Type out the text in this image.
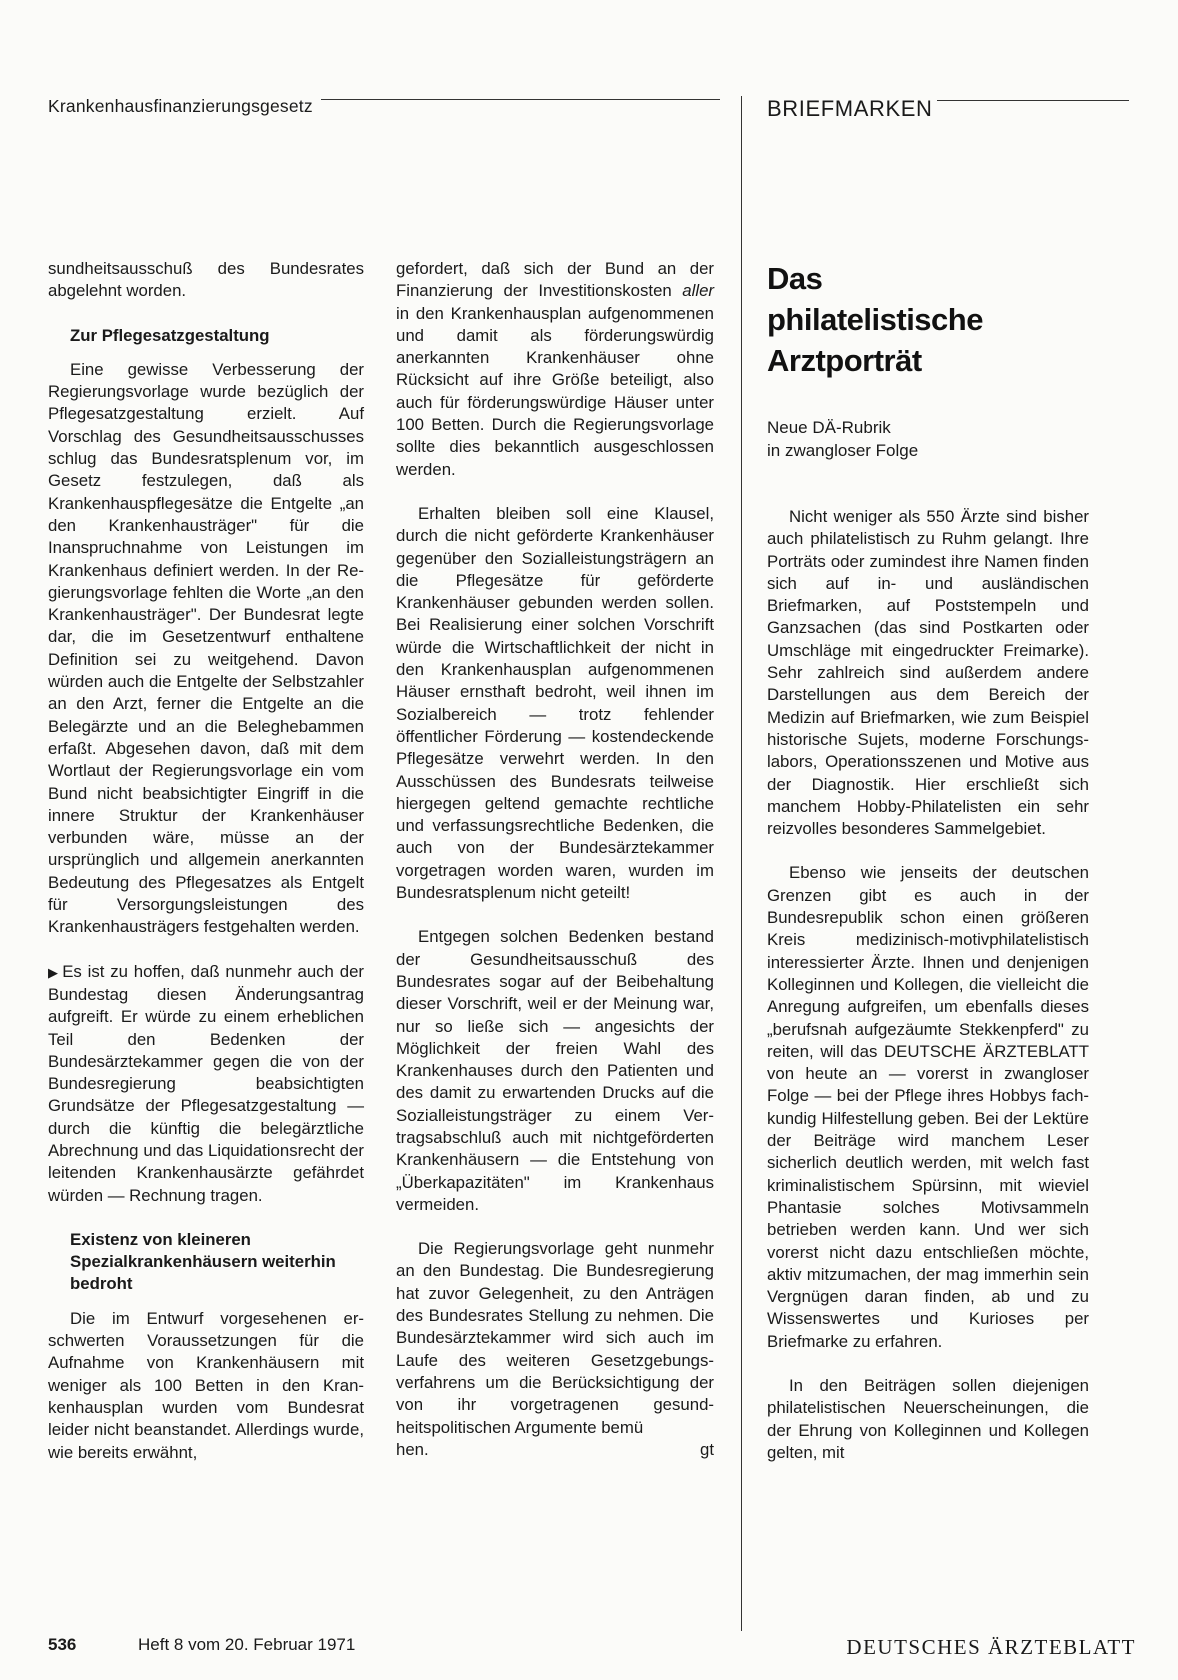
Krankenhausfinanzierungsgesetz	BRIEFMARKEN

sundheitsausschuß des Bundesrates abgelehnt worden.

Zur Pflegesatzgestaltung

Eine gewisse Verbesserung der Regierungsvorlage wurde bezüglich der Pflegesatzgestaltung erzielt. Auf Vorschlag des Gesundheitsausschusses schlug das Bundesratsplenum vor, im Gesetz festzulegen, daß als Krankenhauspflegesätze die Entgelte „an den Krankenhausträger" für die Inanspruchnahme von Leistungen im Krankenhaus definiert werden. In der Regierungsvorlage fehlten die Worte „an den Krankenhausträger". Der Bundesrat legte dar, die im Gesetzentwurf enthaltene Definition sei zu weitgehend. Davon würden auch die Entgelte der Selbstzahler an den Arzt, ferner die Entgelte an die Belegärzte und an die Beleghebammen erfaßt. Abgesehen davon, daß mit dem Wortlaut der Regierungsvorlage ein vom Bund nicht beabsichtigter Eingriff in die innere Struktur der Krankenhäuser verbunden wäre, müsse an der ursprünglich und allgemein anerkannten Bedeutung des Pflegesatzes als Entgelt für Versorgungsleistungen des Krankenhausträgers festgehalten werden.

▶ Es ist zu hoffen, daß nunmehr auch der Bundestag diesen Änderungsantrag aufgreift. Er würde zu einem erheblichen Teil den Bedenken der Bundesärztekammer gegen die von der Bundesregierung beabsichtigten Grundsätze der Pflegesatzgestaltung — durch die künftig die belegärztliche Abrechnung und das Liquidationsrecht der leitenden Krankenhausärzte gefährdet würden — Rechnung tragen.

Existenz von kleineren Spezialkrankenhäusern weiterhin bedroht

Die im Entwurf vorgesehenen erschwerten Voraussetzungen für die Aufnahme von Krankenhäusern mit weniger als 100 Betten in den Krankenhausplan wurden vom Bundesrat leider nicht beanstandet. Allerdings wurde, wie bereits erwähnt,

gefordert, daß sich der Bund an der Finanzierung der Investitionskosten aller in den Krankenhausplan aufgenommenen und damit als förderungswürdig anerkannten Krankenhäuser ohne Rücksicht auf ihre Größe beteiligt, also auch für förderungswürdige Häuser unter 100 Betten. Durch die Regierungsvorlage sollte dies bekanntlich ausgeschlossen werden.

Erhalten bleiben soll eine Klausel, durch die nicht geförderte Krankenhäuser gegenüber den Sozialleistungsträgern an die Pflegesätze für geförderte Krankenhäuser gebunden werden sollen. Bei Realisierung einer solchen Vorschrift würde die Wirtschaftlichkeit der nicht in den Krankenhausplan aufgenommenen Häuser ernsthaft bedroht, weil ihnen im Sozialbereich — trotz fehlender öffentlicher Förderung — kostendeckende Pflegesätze verwehrt werden. In den Ausschüssen des Bundesrats teilweise hiergegen geltend gemachte rechtliche und verfassungsrechtliche Bedenken, die auch von der Bundesärztekammer vorgetragen worden waren, wurden im Bundesratsplenum nicht geteilt!

Entgegen solchen Bedenken bestand der Gesundheitsausschuß des Bundesrates sogar auf der Beibehaltung dieser Vorschrift, weil er der Meinung war, nur so ließe sich — angesichts der Möglichkeit der freien Wahl des Krankenhauses durch den Patienten und des damit zu erwartenden Drucks auf die Sozialleistungsträger zu einem Vertragsabschluß auch mit nichtgeförderten Krankenhäusern — die Entstehung von „Überkapazitäten" im Krankenhaus vermeiden.

Die Regierungsvorlage geht nunmehr an den Bundestag. Die Bundesregierung hat zuvor Gelegenheit, zu den Anträgen des Bundesrates Stellung zu nehmen. Die Bundesärztekammer wird sich auch im Laufe des weiteren Gesetzgebungsverfahrens um die Berücksichtigung der von ihr vorgetragenen gesundheitspolitischen Argumente bemü

hen.	gt
Das
philatelistische
Arztporträt
Neue DÄ-Rubrik
in zwangloser Folge

Nicht weniger als 550 Ärzte sind bisher auch philatelistisch zu Ruhm gelangt. Ihre Porträts oder zumindest ihre Namen finden sich auf in- und ausländischen Briefmarken, auf Poststempeln und Ganzsachen (das sind Postkarten oder Umschläge mit eingedruckter Freimarke). Sehr zahlreich sind außerdem andere Darstellungen aus dem Bereich der Medizin auf Briefmarken, wie zum Beispiel historische Sujets, moderne Forschungslabors, Operationsszenen und Motive aus der Diagnostik. Hier erschließt sich manchem Hobby-Philatelisten ein sehr reizvolles besonderes Sammelgebiet.

Ebenso wie jenseits der deutschen Grenzen gibt es auch in der Bundesrepublik schon einen größeren Kreis medizinisch-motivphilatelistisch interessierter Ärzte. Ihnen und denjenigen Kolleginnen und Kollegen, die vielleicht die Anregung aufgreifen, um ebenfalls dieses „berufsnah aufgezäumte Stekkenpferd" zu reiten, will das DEUTSCHE ÄRZTEBLATT von heute an — vorerst in zwangloser Folge — bei der Pflege ihres Hobbys fachkundig Hilfestellung geben. Bei der Lektüre der Beiträge wird manchem Leser sicherlich deutlich werden, mit welch fast kriminalistischem Spürsinn, mit wieviel Phantasie solches Motivsammeln betrieben werden kann. Und wer sich vorerst nicht dazu entschließen möchte, aktiv mitzumachen, der mag immerhin sein Vergnügen daran finden, ab und zu Wissenswertes und Kurioses per Briefmarke zu erfahren.

In den Beiträgen sollen diejenigen philatelistischen Neuerscheinungen, die der Ehrung von Kolleginnen und Kollegen gelten, mit

536	Heft 8 vom 20. Februar 1971	DEUTSCHES ÄRZTEBLATT
